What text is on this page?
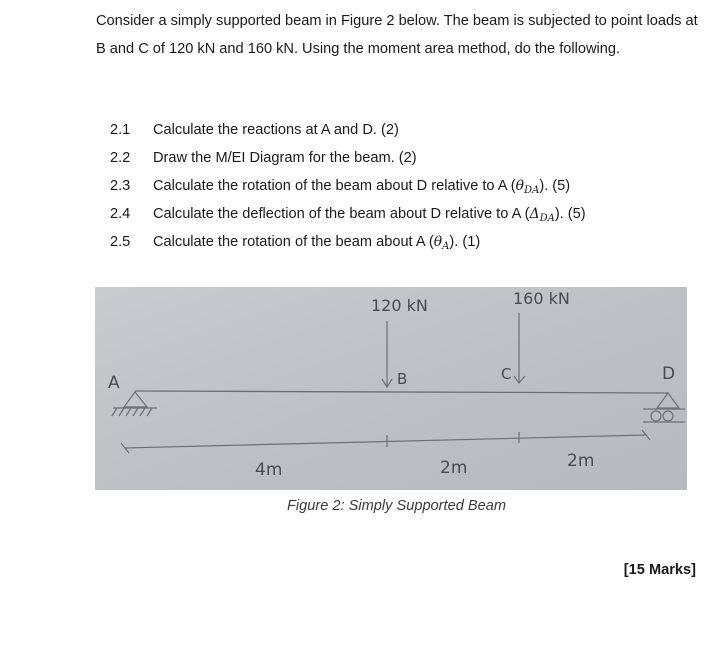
Consider a simply supported beam in Figure 2 below. The beam is subjected to point loads at B and C of 120 kN and 160 kN. Using the moment area method, do the following.

2.1	Calculate the reactions at A and D. (2)
2.2	Draw the M/EI Diagram for the beam. (2)
2.3	Calculate the rotation of the beam about D relative to A $(\theta_{DA})$. (5)
2.4	Calculate the deflection of the beam about D relative to A $(\Delta_{DA})$. (5)
2.5	Calculate the rotation of the beam about A $(\theta_A)$. (1)
120 kN	160 kN
A	B	C	D
4m	2m	2m
Figure 2: Simply Supported Beam
[15 Marks]
